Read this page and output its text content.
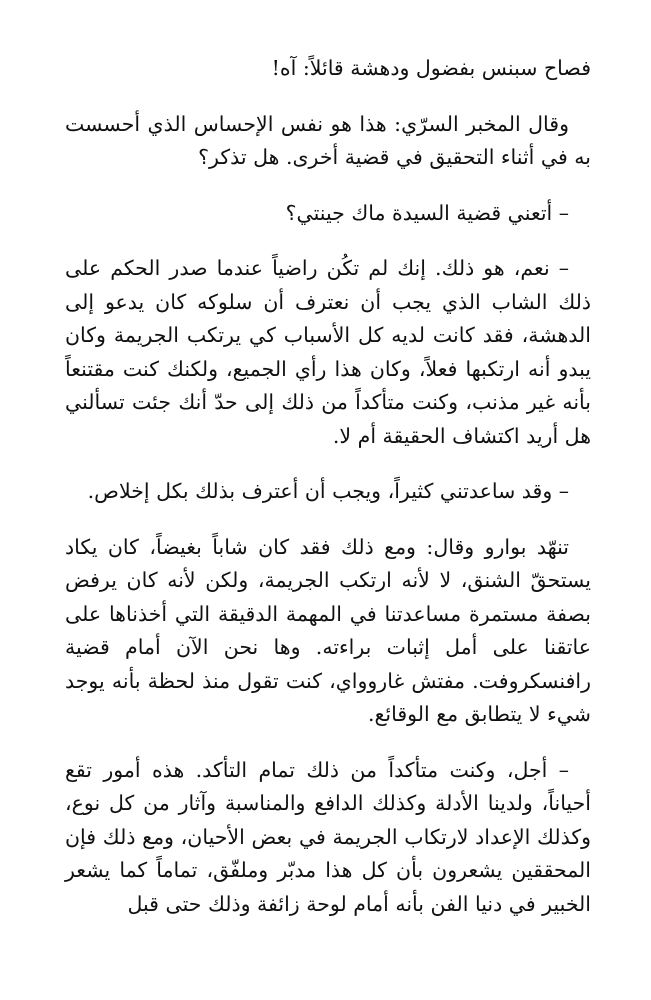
فصاح سبنس بفضول ودهشة قائلاً: آه!

وقال المخبر السرّي: هذا هو نفس الإحساس الذي أحسست به في أثناء التحقيق في قضية أخرى. هل تذكر؟

– أتعني قضية السيدة ماك جينتي؟

– نعم، هو ذلك. إنك لم تكُن راضياً عندما صدر الحكم على ذلك الشاب الذي يجب أن نعترف أن سلوكه كان يدعو إلى الدهشة، فقد كانت لديه كل الأسباب كي يرتكب الجريمة وكان يبدو أنه ارتكبها فعلاً، وكان هذا رأي الجميع، ولكنك كنت مقتنعاً بأنه غير مذنب، وكنت متأكداً من ذلك إلى حدّ أنك جئت تسألني هل أريد اكتشاف الحقيقة أم لا.

– وقد ساعدتني كثيراً، ويجب أن أعترف بذلك بكل إخلاص.

تنهّد بوارو وقال: ومع ذلك فقد كان شاباً بغيضاً، كان يكاد يستحقّ الشنق، لا لأنه ارتكب الجريمة، ولكن لأنه كان يرفض بصفة مستمرة مساعدتنا في المهمة الدقيقة التي أخذناها على عاتقنا على أمل إثبات براءته. وها نحن الآن أمام قضية رافنسكروفت. مفتش غاروواي، كنت تقول منذ لحظة بأنه يوجد شيء لا يتطابق مع الوقائع.

– أجل، وكنت متأكداً من ذلك تمام التأكد. هذه أمور تقع أحياناً، ولدينا الأدلة وكذلك الدافع والمناسبة وآثار من كل نوع، وكذلك الإعداد لارتكاب الجريمة في بعض الأحيان، ومع ذلك فإن المحققين يشعرون بأن كل هذا مدبّر وملفّق، تماماً كما يشعر الخبير في دنيا الفن بأنه أمام لوحة زائفة وذلك حتى قبل
